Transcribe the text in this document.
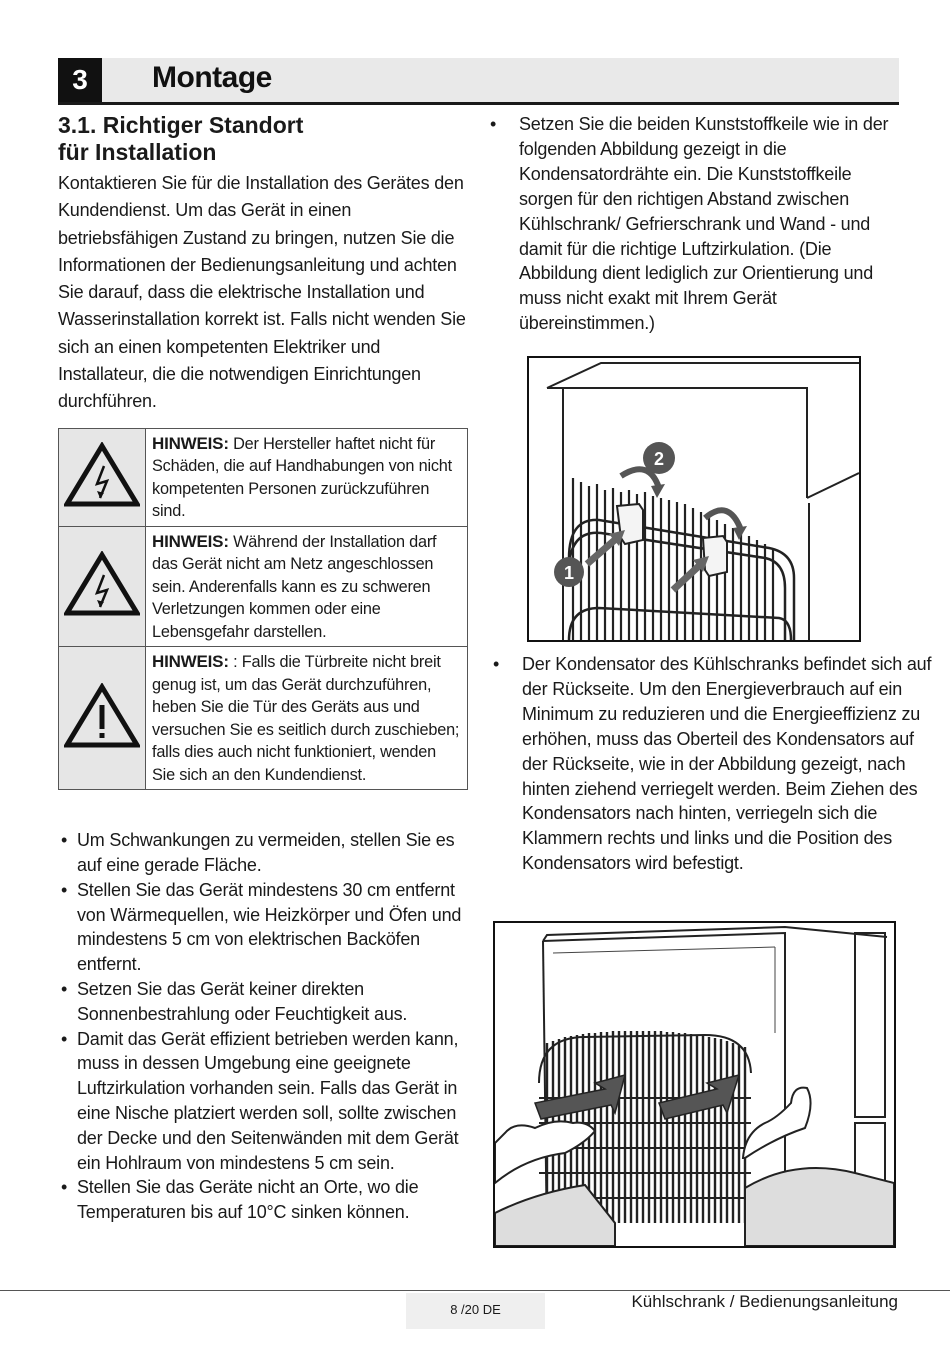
3	Montage
3.1. Richtiger Standort
für Installation

Kontaktieren Sie für die Installation des Gerätes den Kundendienst. Um das Gerät in einen betriebsfähigen Zustand zu bringen, nutzen Sie die Informationen der Bedienungsanleitung und achten Sie darauf, dass die elektrische Installation und Wasserinstallation korrekt ist. Falls nicht wenden Sie sich an einen kompetenten Elektriker und Installateur, die die notwendigen Einrichtungen durchführen.

	HINWEIS: Der Hersteller haftet nicht für Schäden, die auf Handhabungen von nicht kompetenten Personen zurückzuführen sind.
	HINWEIS: Während der Installation darf das Gerät nicht am Netz angeschlossen sein. Anderenfalls kann es zu schweren Verletzungen kommen oder eine Lebensgefahr darstellen.
	HINWEIS: : Falls die Türbreite nicht breit genug ist, um das Gerät durchzuführen, heben Sie die Tür des Geräts aus und versuchen Sie es seitlich durch zuschieben; falls dies auch nicht funktioniert, wenden Sie sich an den Kundendienst.
• Um Schwankungen zu vermeiden, stellen Sie es auf eine gerade Fläche.
• Stellen Sie das Gerät mindestens 30 cm entfernt von Wärmequellen, wie Heizkörper und Öfen und mindestens 5 cm von elektrischen Backöfen entfernt.
• Setzen Sie das Gerät keiner direkten Sonnenbestrahlung oder Feuchtigkeit aus.
• Damit das Gerät effizient betrieben werden kann, muss in dessen Umgebung eine geeignete Luftzirkulation vorhanden sein. Falls das Gerät in eine Nische platziert werden soll, sollte zwischen der Decke und den Seitenwänden mit dem Gerät ein Hohlraum von mindestens 5 cm sein.
• Stellen Sie das Geräte nicht an Orte, wo die Temperaturen bis auf 10°C sinken können.
• Setzen Sie die beiden Kunststoffkeile wie in der folgenden Abbildung gezeigt in die Kondensatordrähte ein. Die Kunststoffkeile sorgen für den richtigen Abstand zwischen Kühlschrank/ Gefrierschrank und Wand - und damit für die richtige Luftzirkulation. (Die Abbildung dient lediglich zur Orientierung und muss nicht exakt mit Ihrem Gerät übereinstimmen.)
1
2
• Der Kondensator des Kühlschranks befindet sich auf der Rückseite. Um den Energieverbrauch auf ein Minimum zu reduzieren und die Energieeffizienz zu erhöhen, muss das Oberteil des Kondensators auf der Rückseite, wie in der Abbildung gezeigt, nach hinten ziehend verriegelt werden. Beim Ziehen des Kondensators nach hinten, verriegeln sich die Klammern rechts und links und die Position des Kondensators wird befestigt.
8 /20 DE	Kühlschrank / Bedienungsanleitung
